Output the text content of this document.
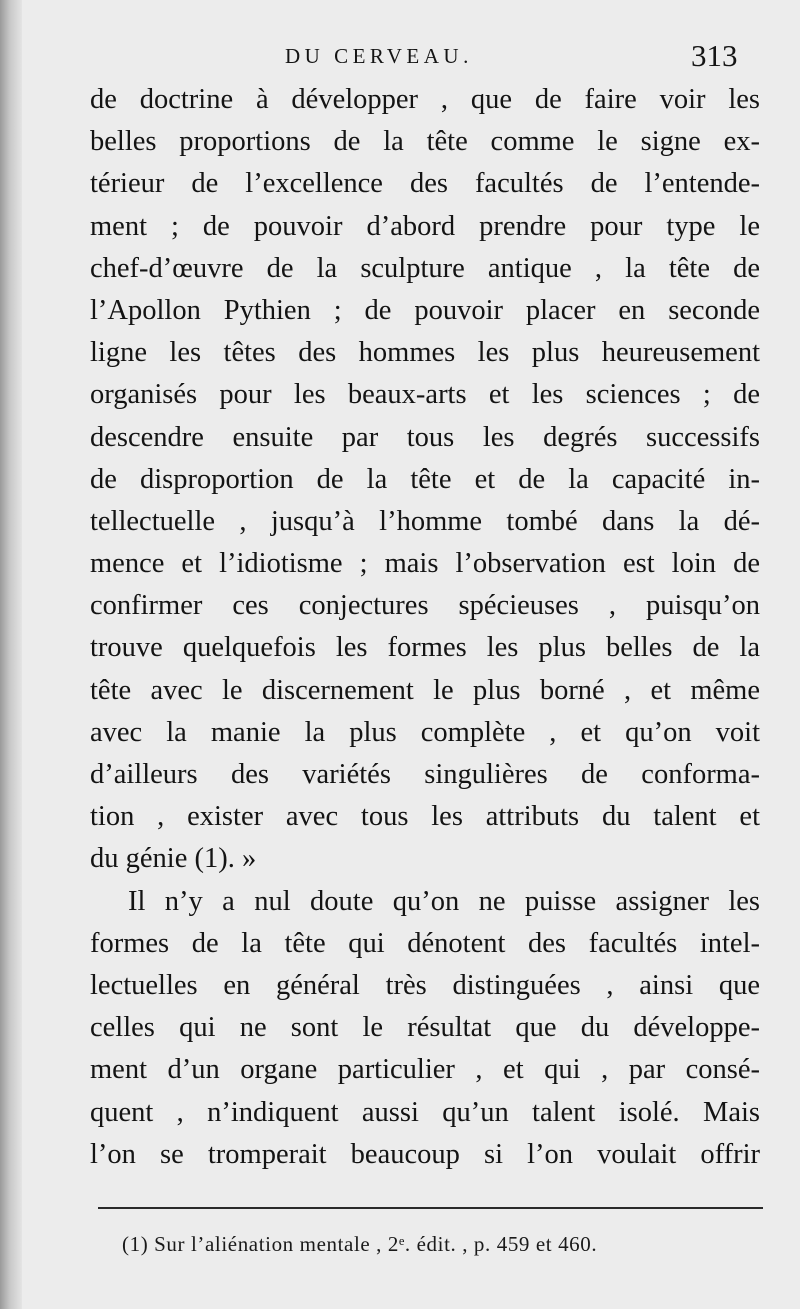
DU CERVEAU.	313
de doctrine à développer , que de faire voir les
belles proportions de la tête comme le signe ex-
térieur de l’excellence des facultés de l’entende-
ment ; de pouvoir d’abord prendre pour type le
chef-d’œuvre de la sculpture antique , la tête de
l’Apollon Pythien ; de pouvoir placer en seconde
ligne les têtes des hommes les plus heureusement
organisés pour les beaux-arts et les sciences ; de
descendre ensuite par tous les degrés successifs
de disproportion de la tête et de la capacité in-
tellectuelle , jusqu’à l’homme tombé dans la dé-
mence et l’idiotisme ; mais l’observation est loin de
confirmer ces conjectures spécieuses , puisqu’on
trouve quelquefois les formes les plus belles de la
tête avec le discernement le plus borné , et même
avec la manie la plus complète , et qu’on voit
d’ailleurs des variétés singulières de conforma-
tion , exister avec tous les attributs du talent et
du génie (1). »
Il n’y a nul doute qu’on ne puisse assigner les
formes de la tête qui dénotent des facultés intel-
lectuelles en général très distinguées , ainsi que
celles qui ne sont le résultat que du développe-
ment d’un organe particulier , et qui , par consé-
quent , n’indiquent aussi qu’un talent isolé. Mais
l’on se tromperait beaucoup si l’on voulait offrir
(1) Sur l’aliénation mentale , 2ᵉ. édit. , p. 459 et 460.
